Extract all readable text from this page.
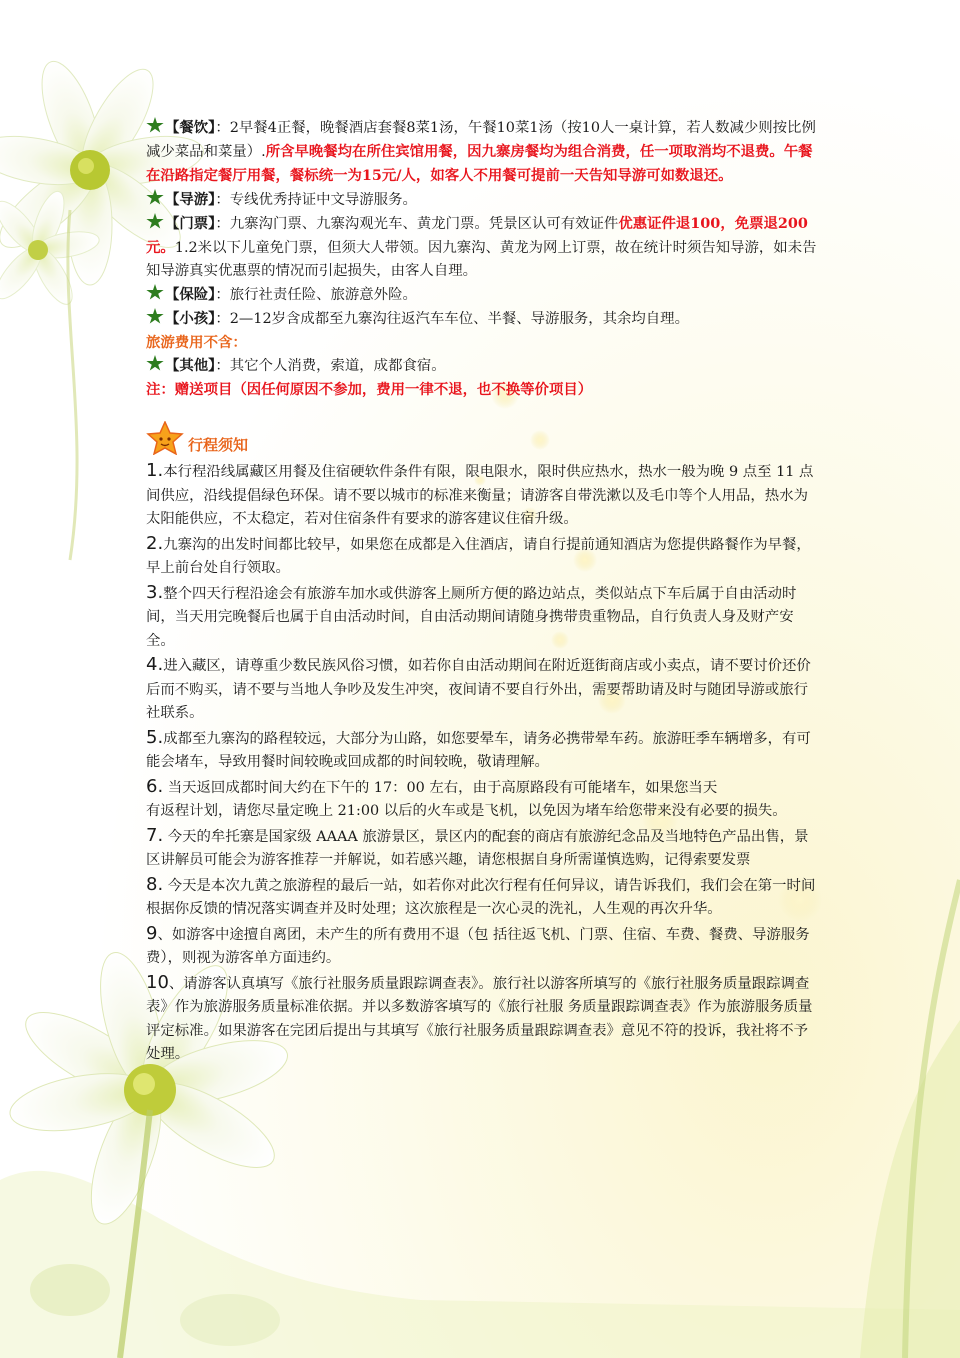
【餐饮】：2早餐4正餐，晚餐酒店套餐8菜1汤，午餐10菜1汤（按10人一桌计算，若人数减少则按比例减少菜品和菜量）.所含早晚餐均在所住宾馆用餐，因九寨房餐均为组合消费，任一项取消均不退费。午餐在沿路指定餐厅用餐，餐标统一为15元/人，如客人不用餐可提前一天告知导游可如数退还。

【导游】：专线优秀持证中文导游服务。

【门票】：九寨沟门票、九寨沟观光车、黄龙门票。凭景区认可有效证件优惠证件退100，免票退200元。1.2米以下儿童免门票，但须大人带领。因九寨沟、黄龙为网上订票，故在统计时须告知导游，如未告知导游真实优惠票的情况而引起损失，由客人自理。

【保险】：旅行社责任险、旅游意外险。

【小孩】：2—12岁含成都至九寨沟往返汽车车位、半餐、导游服务，其余均自理。

旅游费用不含：

【其他】：其它个人消费，索道，成都食宿。

注：赠送项目（因任何原因不参加，费用一律不退，也不换等价项目）

行程须知

1.本行程沿线属藏区用餐及住宿硬软件条件有限，限电限水，限时供应热水，热水一般为晚 9 点至 11 点间供应，沿线提倡绿色环保。请不要以城市的标准来衡量；请游客自带洗漱以及毛巾等个人用品，热水为太阳能供应，不太稳定，若对住宿条件有要求的游客建议住宿升级。

2.九寨沟的出发时间都比较早，如果您在成都是入住酒店，请自行提前通知酒店为您提供路餐作为早餐，早上前台处自行领取。

3.整个四天行程沿途会有旅游车加水或供游客上厕所方便的路边站点，类似站点下车后属于自由活动时间，当天用完晚餐后也属于自由活动时间，自由活动期间请随身携带贵重物品，自行负责人身及财产安全。

4.进入藏区，请尊重少数民族风俗习惯，如若你自由活动期间在附近逛街商店或小卖点，请不要讨价还价后而不购买，请不要与当地人争吵及发生冲突，夜间请不要自行外出，需要帮助请及时与随团导游或旅行社联系。

5.成都至九寨沟的路程较远，大部分为山路，如您要晕车，请务必携带晕车药。旅游旺季车辆增多，有可能会堵车，导致用餐时间较晚或回成都的时间较晚，敬请理解。

6. 当天返回成都时间大约在下午的 17：00 左右，由于高原路段有可能堵车，如果您当天

有返程计划，请您尽量定晚上 21:00 以后的火车或是飞机，以免因为堵车给您带来没有必要的损失。

7. 今天的牟托寨是国家级 AAAA 旅游景区，景区内的配套的商店有旅游纪念品及当地特色产品出售，景区讲解员可能会为游客推荐一并解说，如若感兴趣，请您根据自身所需谨慎选购，记得索要发票

8. 今天是本次九黄之旅游程的最后一站，如若你对此次行程有任何异议，请告诉我们，我们会在第一时间根据你反馈的情况落实调查并及时处理；这次旅程是一次心灵的洗礼，人生观的再次升华。

9、如游客中途擅自离团，未产生的所有费用不退（包 括往返飞机、门票、住宿、车费、餐费、导游服务费），则视为游客单方面违约。

10、请游客认真填写《旅行社服务质量跟踪调查表》。旅行社以游客所填写的《旅行社服务质量跟踪调查表》作为旅游服务质量标准依据。并以多数游客填写的《旅行社服 务质量跟踪调查表》作为旅游服务质量评定标准。如果游客在完团后提出与其填写《旅行社服务质量跟踪调查表》意见不符的投诉，我社将不予处理。
